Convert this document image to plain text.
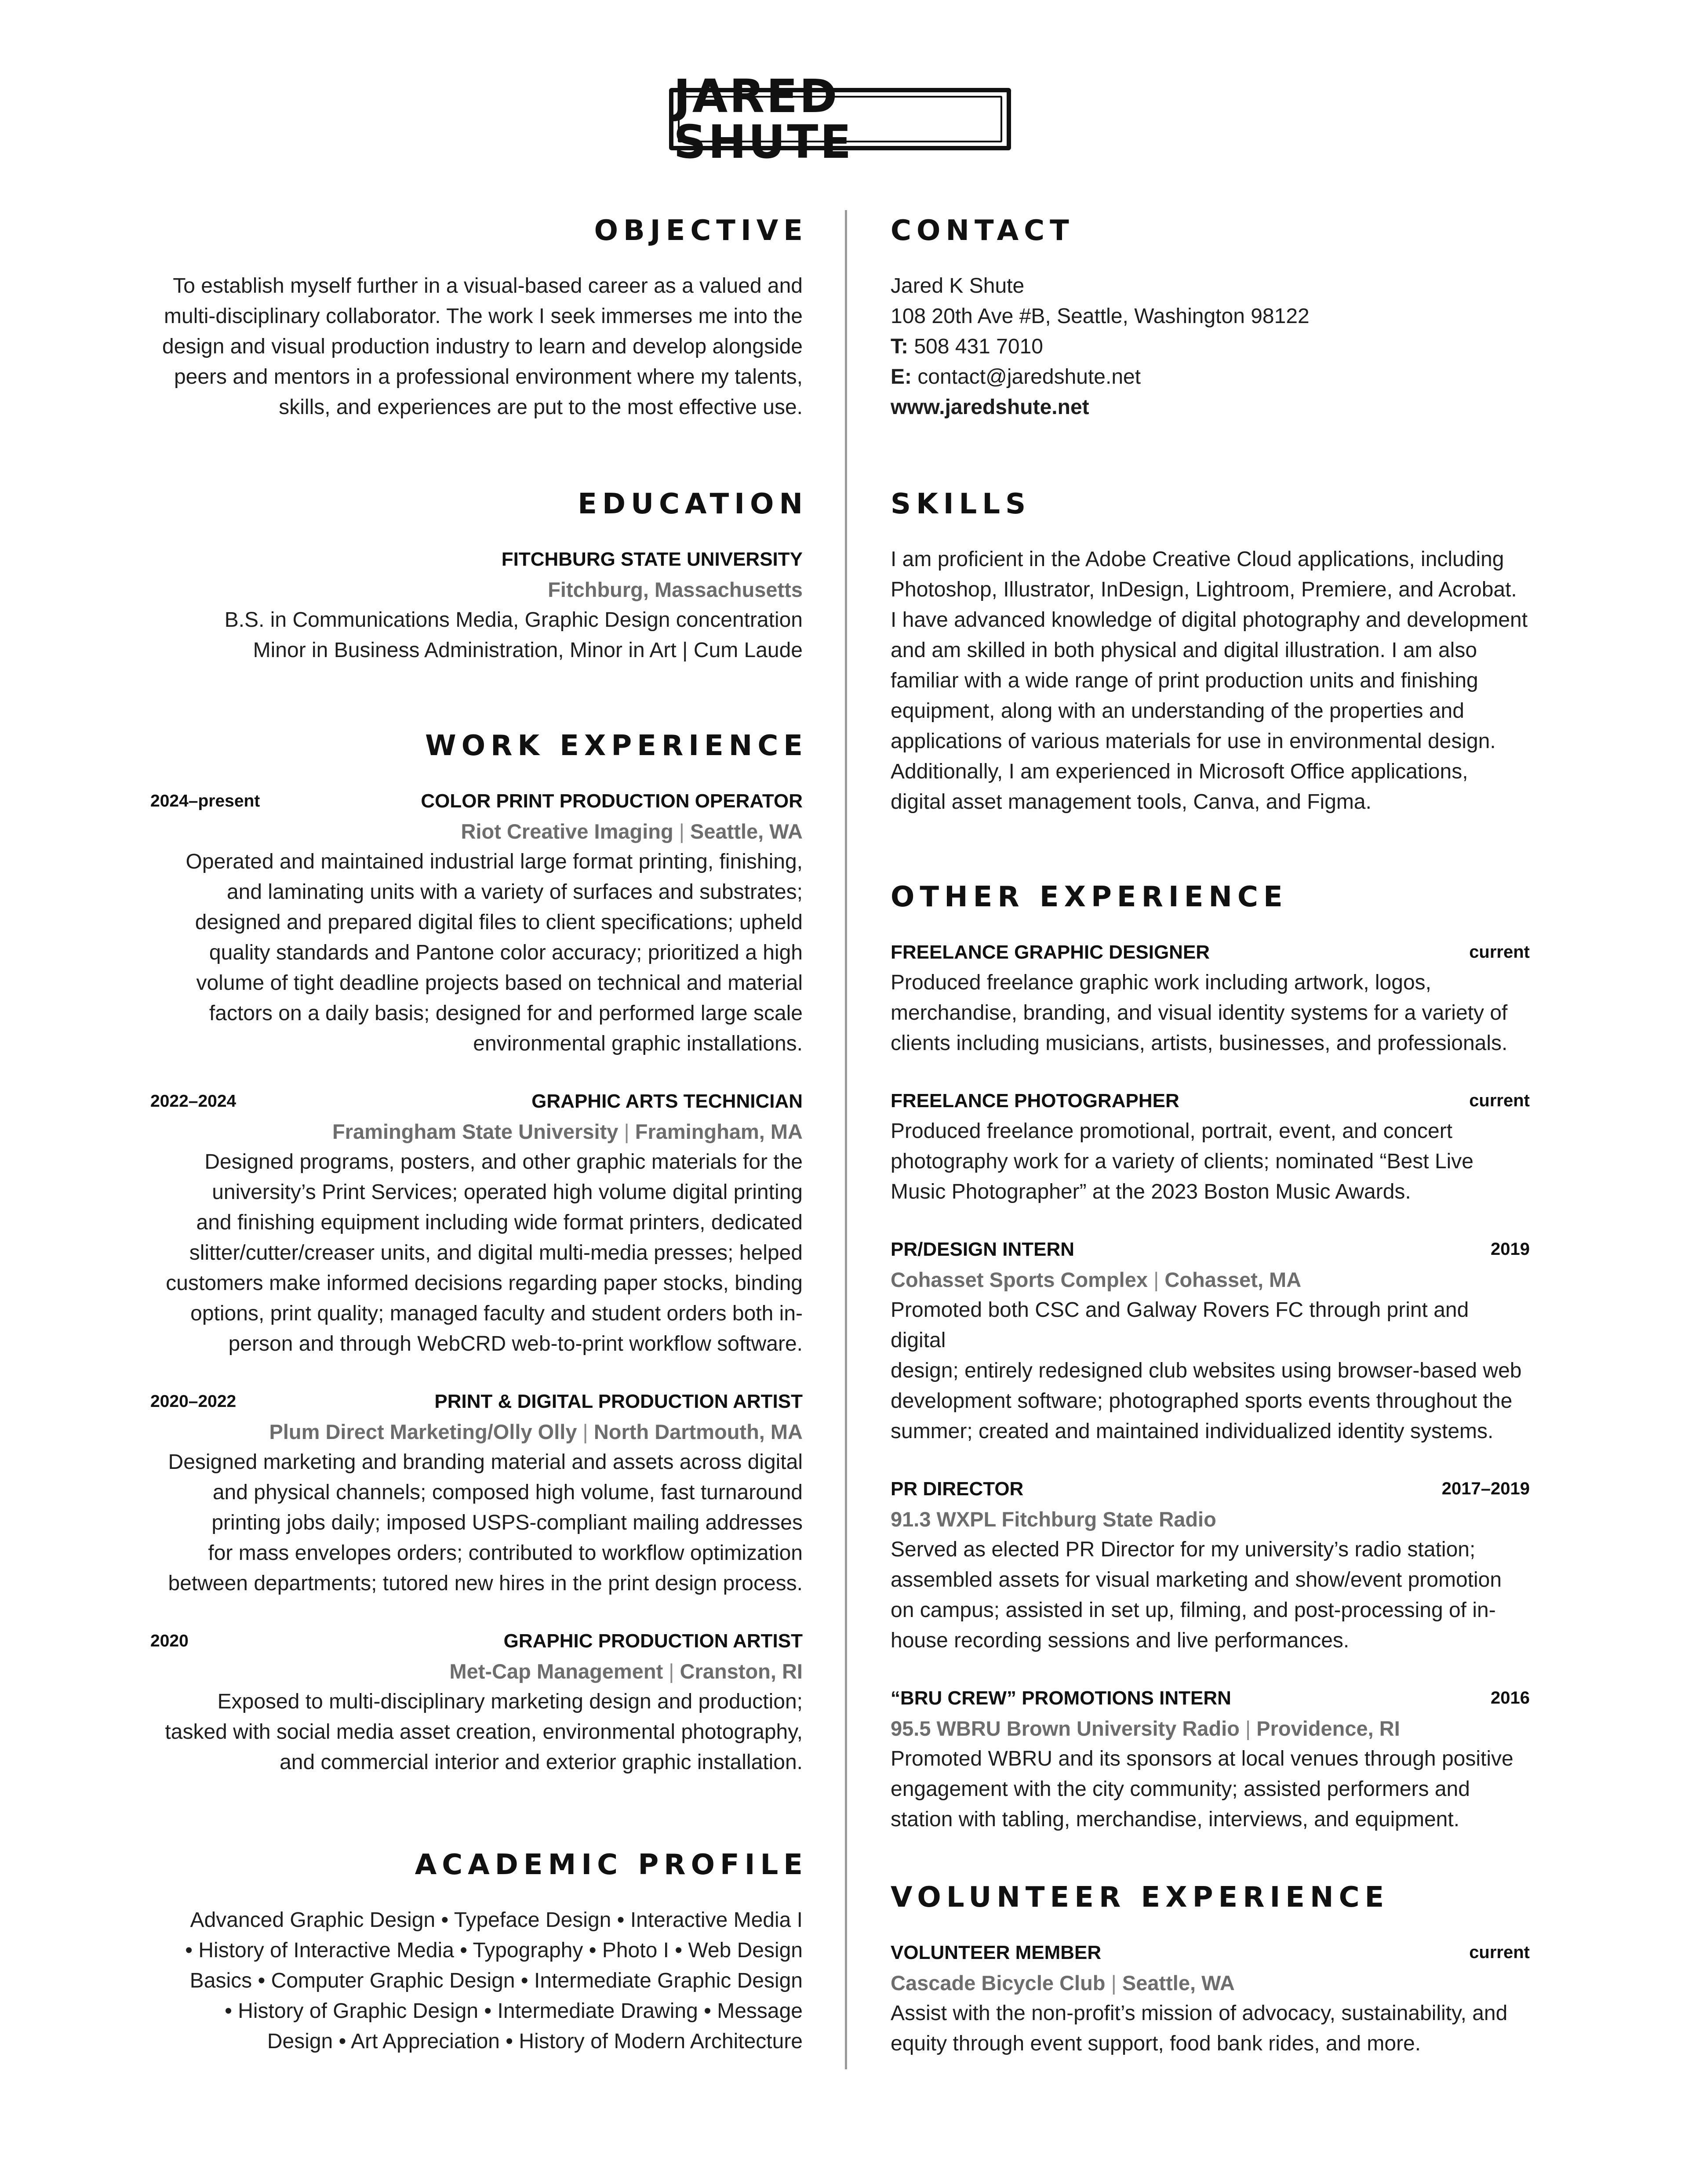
JARED SHUTE
OBJECTIVE

To establish myself further in a visual-based career as a valued and

multi-disciplinary collaborator. The work I seek immerses me into the

design and visual production industry to learn and develop alongside

peers and mentors in a professional environment where my talents,

skills, and experiences are put to the most effective use.

EDUCATION
FITCHBURG STATE UNIVERSITY
Fitchburg, Massachusetts

B.S. in Communications Media, Graphic Design concentration

Minor in Business Administration, Minor in Art | Cum Laude

WORK EXPERIENCE
2024–present	COLOR PRINT PRODUCTION OPERATOR
Riot Creative Imaging | Seattle, WA

Operated and maintained industrial large format printing, finishing,

and laminating units with a variety of surfaces and substrates;

designed and prepared digital files to client specifications; upheld

quality standards and Pantone color accuracy; prioritized a high

volume of tight deadline projects based on technical and material

factors on a daily basis; designed for and performed large scale

environmental graphic installations.

2022–2024	GRAPHIC ARTS TECHNICIAN
Framingham State University | Framingham, MA

Designed programs, posters, and other graphic materials for the

university’s Print Services; operated high volume digital printing

and finishing equipment including wide format printers, dedicated

slitter/cutter/creaser units, and digital multi-media presses; helped

customers make informed decisions regarding paper stocks, binding

options, print quality; managed faculty and student orders both in-

person and through WebCRD web-to-print workflow software.

2020–2022	PRINT & DIGITAL PRODUCTION ARTIST
Plum Direct Marketing/Olly Olly | North Dartmouth, MA

Designed marketing and branding material and assets across digital

and physical channels; composed high volume, fast turnaround

printing jobs daily; imposed USPS-compliant mailing addresses

for mass envelopes orders; contributed to workflow optimization

between departments; tutored new hires in the print design process.

2020	GRAPHIC PRODUCTION ARTIST
Met-Cap Management | Cranston, RI

Exposed to multi-disciplinary marketing design and production;

tasked with social media asset creation, environmental photography,

and commercial interior and exterior graphic installation.

ACADEMIC PROFILE

Advanced Graphic Design • Typeface Design • Interactive Media I

• History of Interactive Media • Typography • Photo I • Web Design

Basics • Computer Graphic Design • Intermediate Graphic Design

• History of Graphic Design • Intermediate Drawing • Message

Design • Art Appreciation • History of Modern Architecture

CONTACT

Jared K Shute

108 20th Ave #B, Seattle, Washington 98122

T: 508 431 7010

E: contact@jaredshute.net

www.jaredshute.net

SKILLS

I am proficient in the Adobe Creative Cloud applications, including

Photoshop, Illustrator, InDesign, Lightroom, Premiere, and Acrobat.

I have advanced knowledge of digital photography and development

and am skilled in both physical and digital illustration. I am also

familiar with a wide range of print production units and finishing

equipment, along with an understanding of the properties and

applications of various materials for use in environmental design.

Additionally, I am experienced in Microsoft Office applications,

digital asset management tools, Canva, and Figma.

OTHER EXPERIENCE
FREELANCE GRAPHIC DESIGNER	current

Produced freelance graphic work including artwork, logos,

merchandise, branding, and visual identity systems for a variety of

clients including musicians, artists, businesses, and professionals.

FREELANCE PHOTOGRAPHER	current

Produced freelance promotional, portrait, event, and concert

photography work for a variety of clients; nominated “Best Live

Music Photographer” at the 2023 Boston Music Awards.

PR/DESIGN INTERN	2019
Cohasset Sports Complex | Cohasset, MA

Promoted both CSC and Galway Rovers FC through print and digital

design; entirely redesigned club websites using browser-based web

development software; photographed sports events throughout the

summer; created and maintained individualized identity systems.

PR DIRECTOR	2017–2019
91.3 WXPL Fitchburg State Radio

Served as elected PR Director for my university’s radio station;

assembled assets for visual marketing and show/event promotion

on campus; assisted in set up, filming, and post-processing of in-

house recording sessions and live performances.

“BRU CREW” PROMOTIONS INTERN	2016
95.5 WBRU Brown University Radio | Providence, RI

Promoted WBRU and its sponsors at local venues through positive

engagement with the city community; assisted performers and

station with tabling, merchandise, interviews, and equipment.

VOLUNTEER EXPERIENCE
VOLUNTEER MEMBER	current
Cascade Bicycle Club | Seattle, WA

Assist with the non-profit’s mission of advocacy, sustainability, and

equity through event support, food bank rides, and more.
